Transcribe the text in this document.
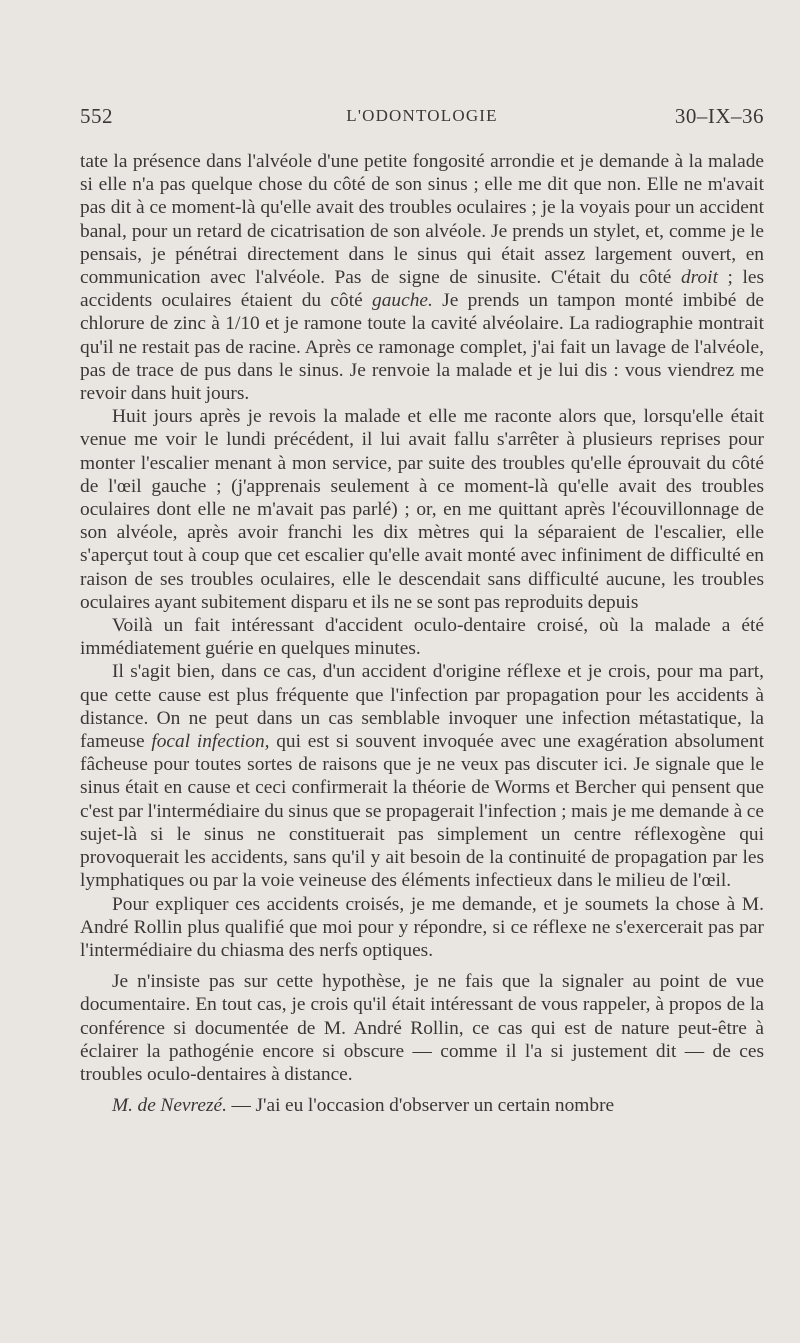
552	L'ODONTOLOGIE	30–IX–36

tate la présence dans l'alvéole d'une petite fongosité arrondie et je demande à la malade si elle n'a pas quelque chose du côté de son sinus ; elle me dit que non. Elle ne m'avait pas dit à ce moment-là qu'elle avait des troubles oculaires ; je la voyais pour un accident banal, pour un retard de cicatrisation de son alvéole. Je prends un stylet, et, comme je le pensais, je pénétrai directement dans le sinus qui était assez largement ouvert, en communication avec l'alvéole. Pas de signe de sinusite. C'était du côté droit ; les accidents oculaires étaient du côté gauche. Je prends un tampon monté imbibé de chlorure de zinc à 1/10 et je ramone toute la cavité alvéolaire. La radiographie montrait qu'il ne restait pas de racine. Après ce ramonage complet, j'ai fait un lavage de l'alvéole, pas de trace de pus dans le sinus. Je renvoie la malade et je lui dis : vous viendrez me revoir dans huit jours.

Huit jours après je revois la malade et elle me raconte alors que, lorsqu'elle était venue me voir le lundi précédent, il lui avait fallu s'arrêter à plusieurs reprises pour monter l'escalier menant à mon service, par suite des troubles qu'elle éprouvait du côté de l'œil gauche ; (j'apprenais seulement à ce moment-là qu'elle avait des troubles oculaires dont elle ne m'avait pas parlé) ; or, en me quittant après l'écouvillonnage de son alvéole, après avoir franchi les dix mètres qui la séparaient de l'escalier, elle s'aperçut tout à coup que cet escalier qu'elle avait monté avec infiniment de difficulté en raison de ses troubles oculaires, elle le descendait sans difficulté aucune, les troubles oculaires ayant subitement disparu et ils ne se sont pas reproduits depuis

Voilà un fait intéressant d'accident oculo-dentaire croisé, où la malade a été immédiatement guérie en quelques minutes.

Il s'agit bien, dans ce cas, d'un accident d'origine réflexe et je crois, pour ma part, que cette cause est plus fréquente que l'infection par propagation pour les accidents à distance. On ne peut dans un cas semblable invoquer une infection métastatique, la fameuse focal infection, qui est si souvent invoquée avec une exagération absolument fâcheuse pour toutes sortes de raisons que je ne veux pas discuter ici. Je signale que le sinus était en cause et ceci confirmerait la théorie de Worms et Bercher qui pensent que c'est par l'intermédiaire du sinus que se propagerait l'infection ; mais je me demande à ce sujet-là si le sinus ne constituerait pas simplement un centre réflexogène qui provoquerait les accidents, sans qu'il y ait besoin de la continuité de propagation par les lymphatiques ou par la voie veineuse des éléments infectieux dans le milieu de l'œil.

Pour expliquer ces accidents croisés, je me demande, et je soumets la chose à M. André Rollin plus qualifié que moi pour y répondre, si ce réflexe ne s'exercerait pas par l'intermédiaire du chiasma des nerfs optiques.

Je n'insiste pas sur cette hypothèse, je ne fais que la signaler au point de vue documentaire. En tout cas, je crois qu'il était intéressant de vous rappeler, à propos de la conférence si documentée de M. André Rollin, ce cas qui est de nature peut-être à éclairer la pathogénie encore si obscure — comme il l'a si justement dit — de ces troubles oculo-dentaires à distance.

M. de Nevrezé. — J'ai eu l'occasion d'observer un certain nombre
